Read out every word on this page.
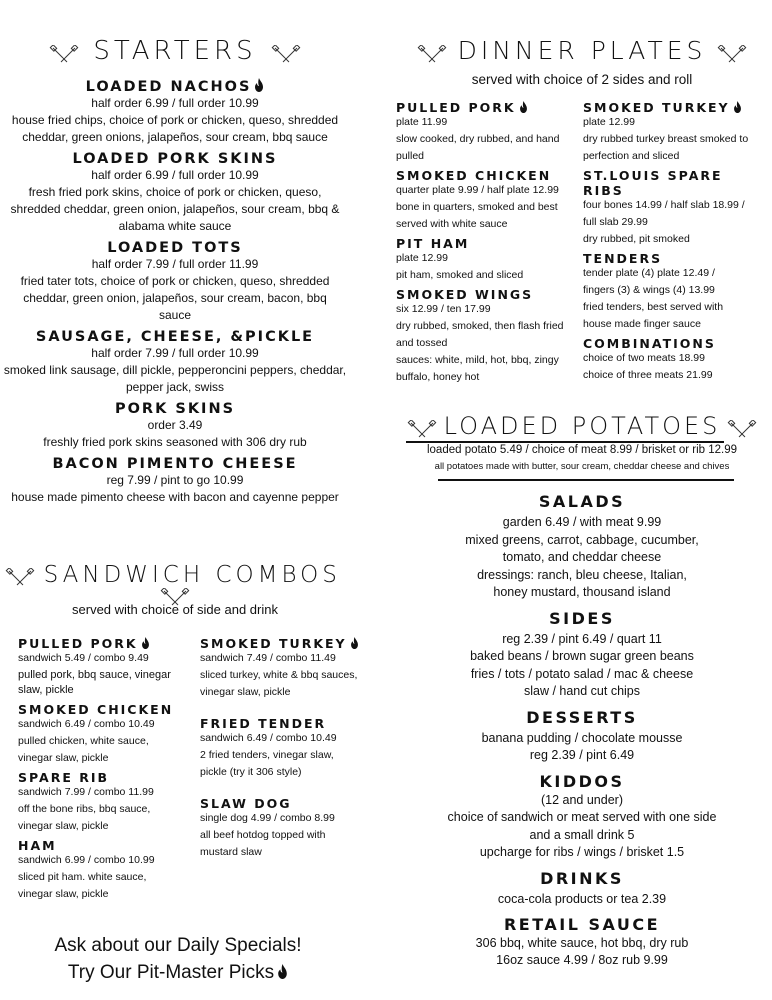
STARTERS
LOADED NACHOS
half order 6.99 / full order 10.99
house fried chips, choice of pork or chicken, queso, shredded
cheddar, green onions, jalapeños, sour cream, bbq sauce
LOADED PORK SKINS
half order 6.99 / full order 10.99
fresh fried pork skins, choice of pork or chicken, queso,
shredded cheddar, green onion, jalapeños, sour cream, bbq &
alabama white sauce
LOADED TOTS
half order 7.99 / full order 11.99
fried tater tots, choice of pork or chicken, queso, shredded
cheddar, green onion, jalapeños, sour cream, bacon, bbq
sauce
SAUSAGE, CHEESE, &PICKLE
half order 7.99 / full order 10.99
smoked link sausage, dill pickle, pepperoncini peppers, cheddar,
pepper jack, swiss
PORK SKINS
order 3.49
freshly fried pork skins seasoned with 306 dry rub
BACON PIMENTO CHEESE
reg 7.99 / pint to go 10.99
house made pimento cheese with bacon and cayenne pepper
SANDWICH COMBOS
served with choice of side and drink
PULLED PORK
sandwich 5.49 / combo 9.49
pulled pork, bbq sauce, vinegar
slaw, pickle
SMOKED CHICKEN
sandwich 6.49 / combo 10.49
pulled chicken, white sauce,
vinegar slaw, pickle
SPARE RIB
sandwich 7.99 / combo 11.99
off the bone ribs, bbq sauce,
vinegar slaw, pickle
HAM
sandwich 6.99 / combo 10.99
sliced pit ham. white sauce,
vinegar slaw, pickle
SMOKED TURKEY
sandwich 7.49 / combo 11.49
sliced turkey, white & bbq sauces,
vinegar slaw, pickle
FRIED TENDER
sandwich 6.49 / combo 10.49
2 fried tenders, vinegar slaw,
pickle (try it 306 style)
SLAW DOG
single dog 4.99 / combo 8.99
all beef hotdog topped with
mustard slaw
Ask about our Daily Specials!
Try Our Pit-Master Picks
DINNER PLATES
served with choice of 2 sides and roll
PULLED PORK
plate 11.99
slow cooked, dry rubbed, and hand
pulled
SMOKED CHICKEN
quarter plate 9.99 / half plate 12.99
bone in quarters, smoked and best
served with white sauce
PIT HAM
plate 12.99
pit ham, smoked and sliced
SMOKED WINGS
six 12.99 / ten 17.99
dry rubbed, smoked, then flash fried
and tossed
sauces: white, mild, hot, bbq, zingy
buffalo, honey hot
SMOKED TURKEY
plate 12.99
dry rubbed turkey breast smoked to
perfection and sliced
ST.LOUIS SPARE
RIBS
four bones 14.99 / half slab 18.99 /
full slab 29.99
dry rubbed, pit smoked
TENDERS
tender plate (4) plate 12.49 /
fingers (3) & wings (4) 13.99
fried tenders, best served with
house made finger sauce
COMBINATIONS
choice of two meats 18.99
choice of three meats 21.99
LOADED POTATOES
loaded potato 5.49 / choice of meat 8.99 / brisket or rib 12.99
all potatoes made with butter, sour cream, cheddar cheese and chives
SALADS
garden 6.49 / with meat 9.99
mixed greens, carrot, cabbage, cucumber,
tomato, and cheddar cheese
dressings: ranch, bleu cheese, Italian,
honey mustard, thousand island
SIDES
reg 2.39 / pint 6.49 / quart 11
baked beans / brown sugar green beans
fries / tots / potato salad / mac & cheese
slaw / hand cut chips
DESSERTS
banana pudding / chocolate mousse
reg 2.39 / pint 6.49
KIDDOS
(12 and under)
choice of sandwich or meat served with one side
and a small drink 5
upcharge for ribs / wings / brisket 1.5
DRINKS
coca-cola products or tea 2.39
RETAIL SAUCE
306 bbq, white sauce, hot bbq, dry rub
16oz sauce 4.99 / 8oz rub 9.99
